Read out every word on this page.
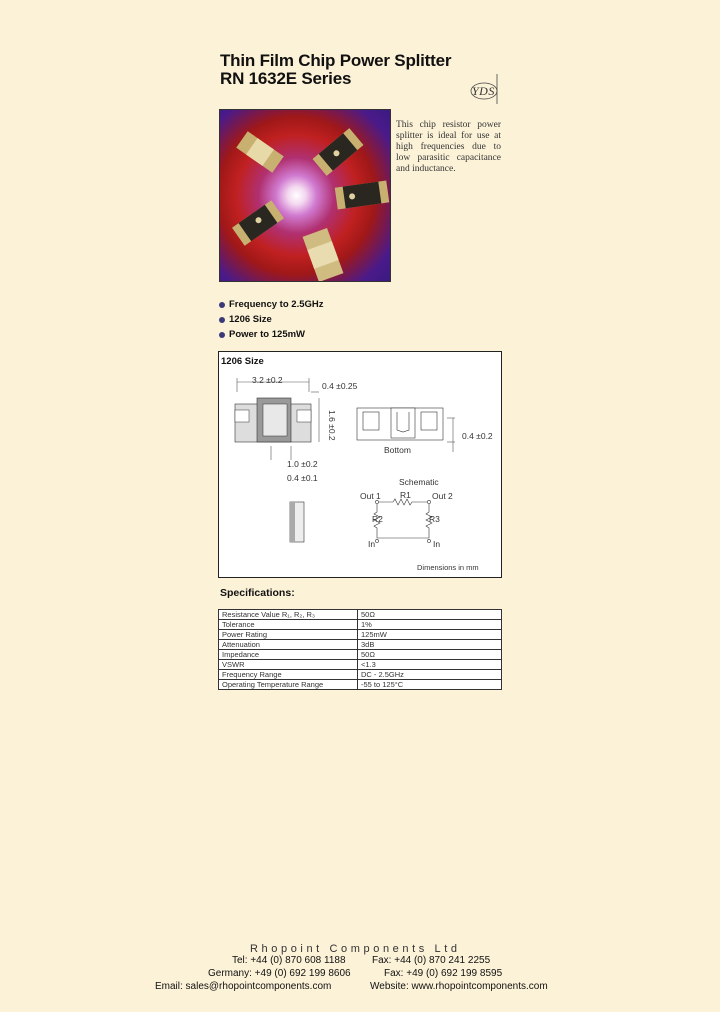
Thin Film Chip Power Splitter
RN 1632E Series
YDS

This chip resistor power splitter is ideal for use at high frequencies due to low parasitic capacitance and inductance.

Frequency to 2.5GHz
1206 Size
Power to 125mW
1206 Size
3.2 ±0.2
0.4 ±0.25
1.6 ±0.2
1.0 ±0.2
0.4 ±0.1
Bottom
0.4 ±0.2
Schematic
R1
Out 1	Out 2
R2	R3
In	In
Dimensions in mm
Specifications:
Resistance Value R₁, R₂, R₃	50Ω
Tolerance	1%
Power Rating	125mW
Attenuation	3dB
Impedance	50Ω
VSWR	<1.3
Frequency Range	DC - 2.5GHz
Operating Temperature Range	-55 to 125°C
Rhopoint Components Ltd
Tel: +44 (0) 870 608 1188	Fax: +44 (0) 870 241 2255
Germany: +49 (0) 692 199 8606	Fax: +49 (0) 692 199 8595
Email: sales@rhopointcomponents.com	Website: www.rhopointcomponents.com
